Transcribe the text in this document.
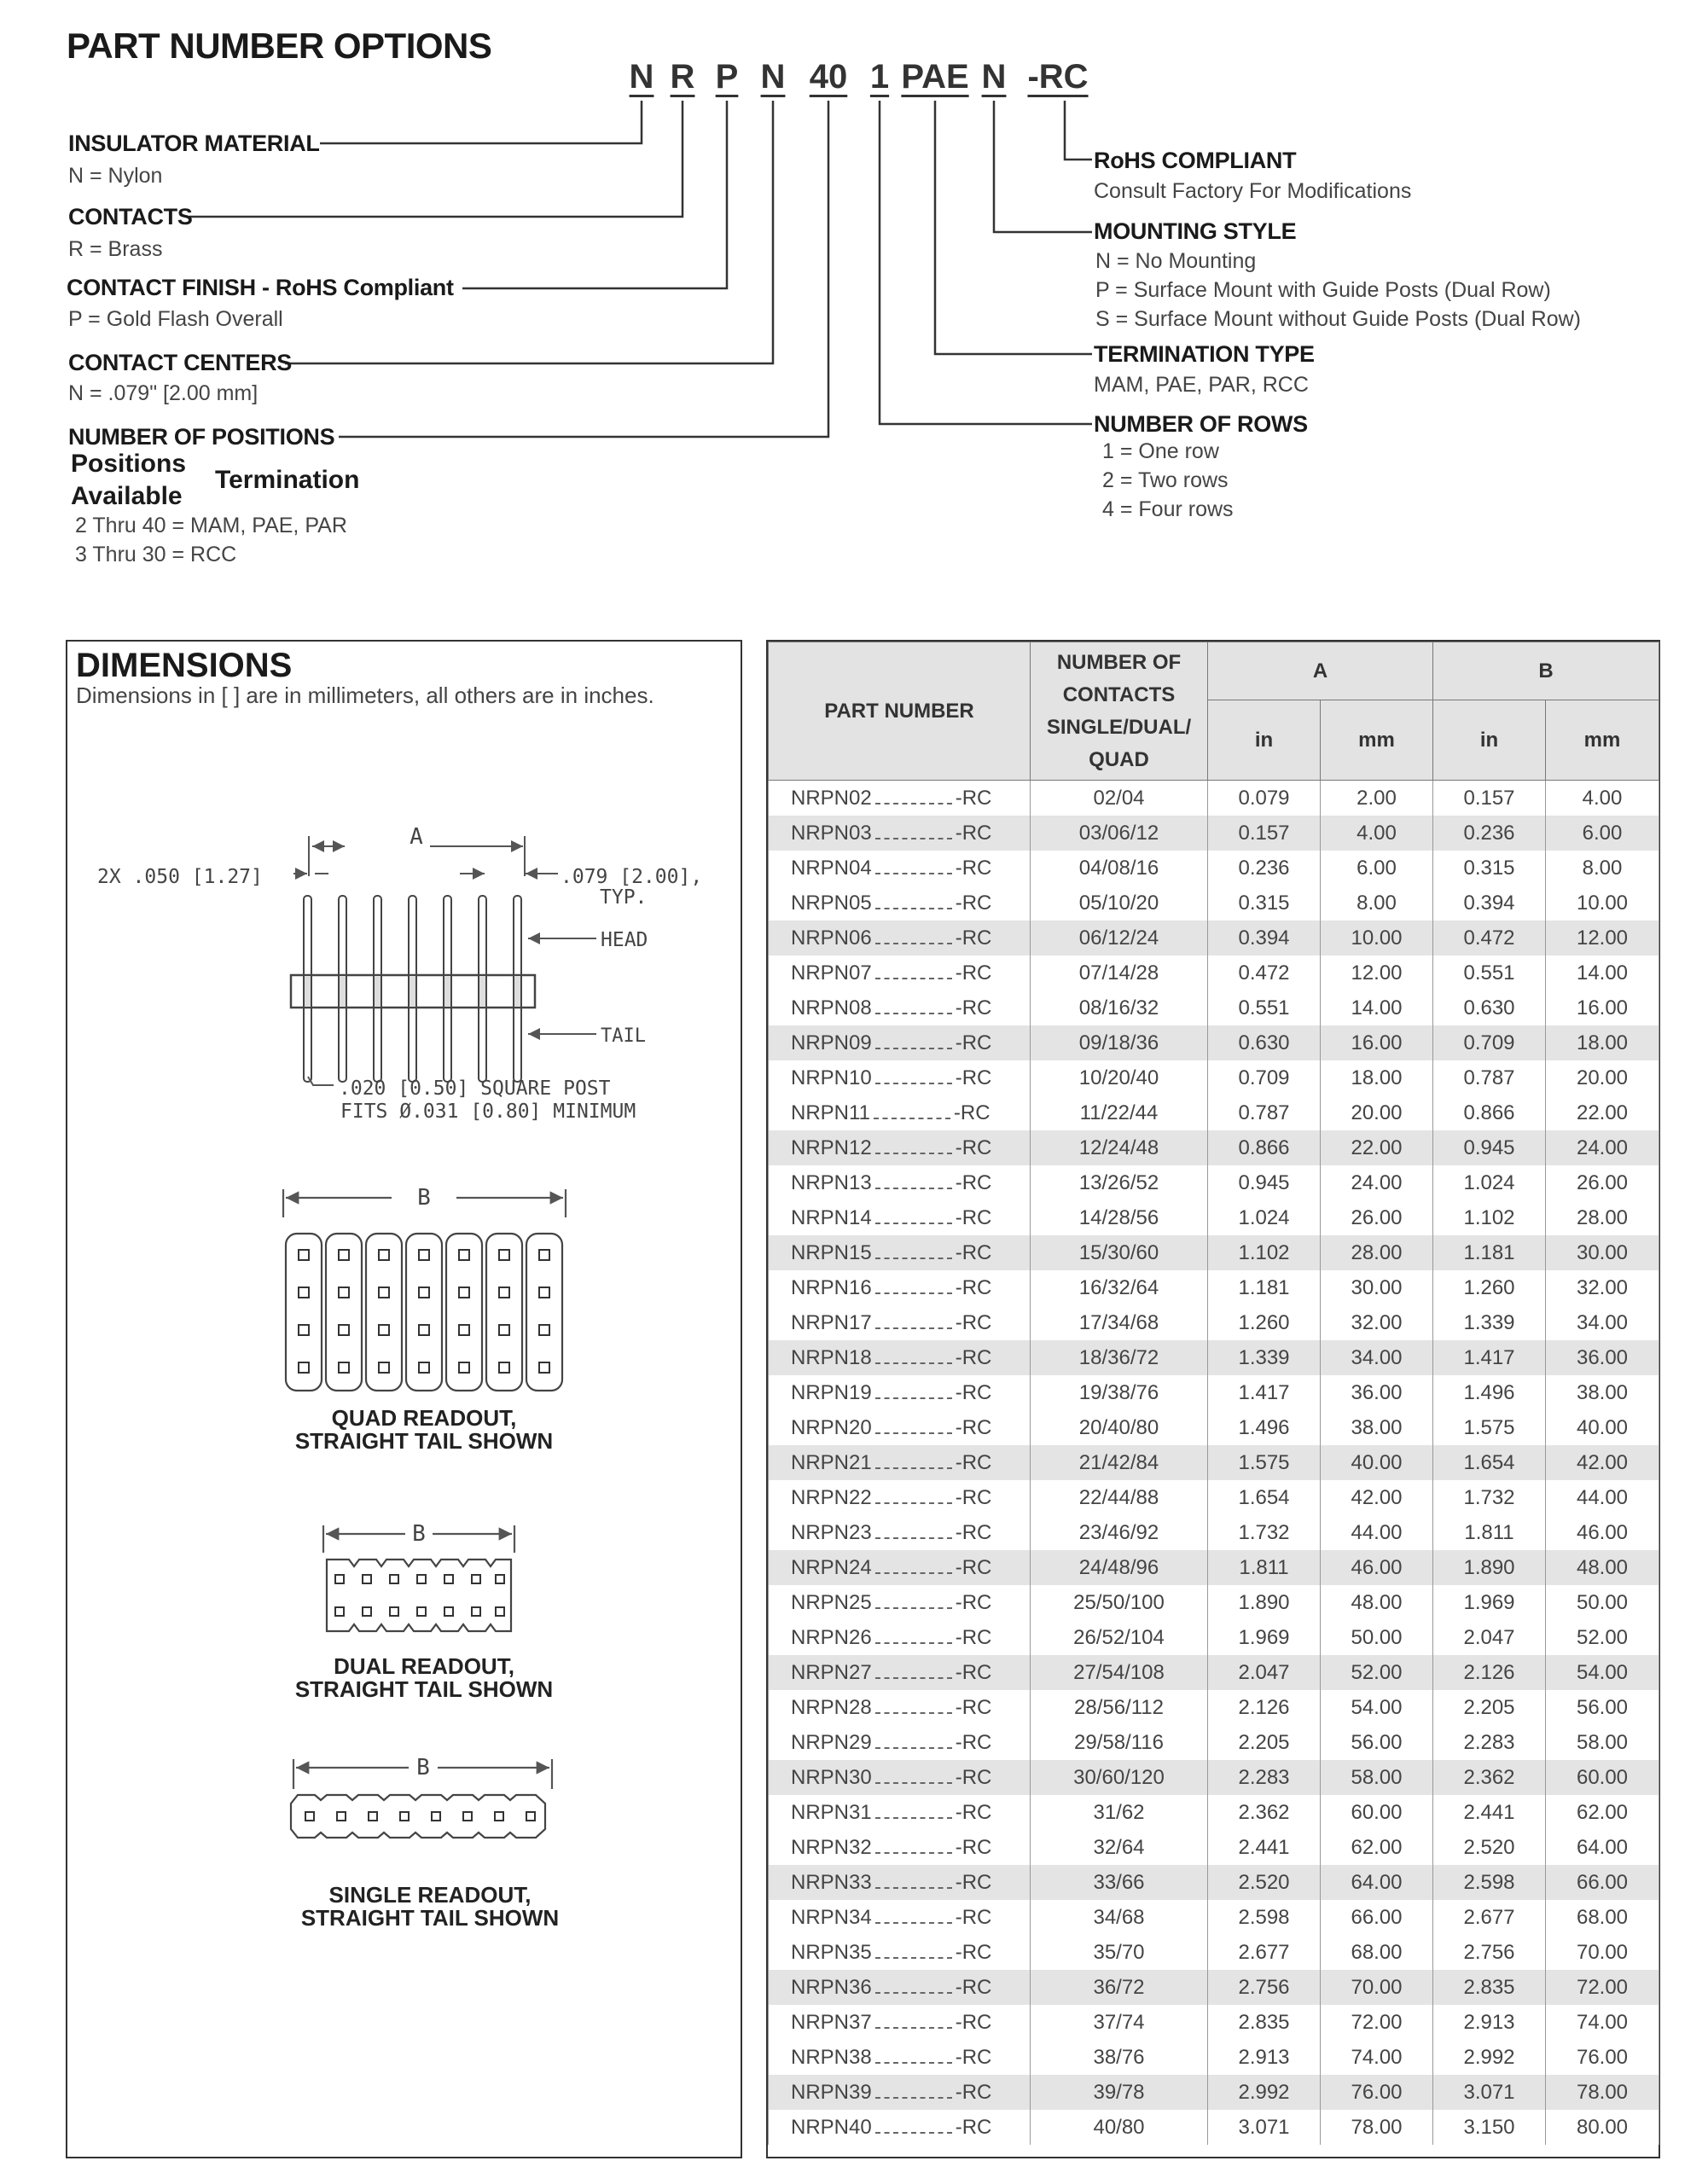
PART NUMBER OPTIONS
N R P N 40 1 PAE N -RC
INSULATOR MATERIAL
N = Nylon
CONTACTS
R = Brass
CONTACT FINISH - RoHS Compliant
P = Gold Flash Overall
CONTACT CENTERS
N = .079" [2.00 mm]
NUMBER OF POSITIONS
Positions
Available
Termination
2 Thru 40 = MAM, PAE, PAR
3 Thru 30 = RCC
RoHS COMPLIANT
Consult Factory For Modifications
MOUNTING STYLE
N = No Mounting
P = Surface Mount with Guide Posts (Dual Row)
S = Surface Mount without Guide Posts (Dual Row)
TERMINATION TYPE
MAM, PAE, PAR, RCC
NUMBER OF ROWS
1 = One row
2 = Two rows
4 = Four rows
A
2X .050 [1.27]	.079 [2.00],
TYP.
HEAD
TAIL
.020 [0.50] SQUARE POST
FITS Ø.031 [0.80] MINIMUM
B
QUAD READOUT,
STRAIGHT TAIL SHOWN
B
DUAL READOUT,
STRAIGHT TAIL SHOWN
B
SINGLE READOUT,
STRAIGHT TAIL SHOWN
DIMENSIONS
Dimensions in [ ] are in millimeters, all others are in inches.
PART NUMBER	NUMBER OF
CONTACTS
SINGLE/DUAL/
QUAD	A		B	
		in	mm	in	mm
NRPN02 -RC	02/04	0.079	2.00	0.157	4.00
NRPN03 -RC	03/06/12	0.157	4.00	0.236	6.00
NRPN04 -RC	04/08/16	0.236	6.00	0.315	8.00
NRPN05 -RC	05/10/20	0.315	8.00	0.394	10.00
NRPN06 -RC	06/12/24	0.394	10.00	0.472	12.00
NRPN07 -RC	07/14/28	0.472	12.00	0.551	14.00
NRPN08 -RC	08/16/32	0.551	14.00	0.630	16.00
NRPN09 -RC	09/18/36	0.630	16.00	0.709	18.00
NRPN10 -RC	10/20/40	0.709	18.00	0.787	20.00
NRPN11 -RC	11/22/44	0.787	20.00	0.866	22.00
NRPN12 -RC	12/24/48	0.866	22.00	0.945	24.00
NRPN13 -RC	13/26/52	0.945	24.00	1.024	26.00
NRPN14 -RC	14/28/56	1.024	26.00	1.102	28.00
NRPN15 -RC	15/30/60	1.102	28.00	1.181	30.00
NRPN16 -RC	16/32/64	1.181	30.00	1.260	32.00
NRPN17 -RC	17/34/68	1.260	32.00	1.339	34.00
NRPN18 -RC	18/36/72	1.339	34.00	1.417	36.00
NRPN19 -RC	19/38/76	1.417	36.00	1.496	38.00
NRPN20 -RC	20/40/80	1.496	38.00	1.575	40.00
NRPN21 -RC	21/42/84	1.575	40.00	1.654	42.00
NRPN22 -RC	22/44/88	1.654	42.00	1.732	44.00
NRPN23 -RC	23/46/92	1.732	44.00	1.811	46.00
NRPN24 -RC	24/48/96	1.811	46.00	1.890	48.00
NRPN25 -RC	25/50/100	1.890	48.00	1.969	50.00
NRPN26 -RC	26/52/104	1.969	50.00	2.047	52.00
NRPN27 -RC	27/54/108	2.047	52.00	2.126	54.00
NRPN28 -RC	28/56/112	2.126	54.00	2.205	56.00
NRPN29 -RC	29/58/116	2.205	56.00	2.283	58.00
NRPN30 -RC	30/60/120	2.283	58.00	2.362	60.00
NRPN31 -RC	31/62	2.362	60.00	2.441	62.00
NRPN32 -RC	32/64	2.441	62.00	2.520	64.00
NRPN33 -RC	33/66	2.520	64.00	2.598	66.00
NRPN34 -RC	34/68	2.598	66.00	2.677	68.00
NRPN35 -RC	35/70	2.677	68.00	2.756	70.00
NRPN36 -RC	36/72	2.756	70.00	2.835	72.00
NRPN37 -RC	37/74	2.835	72.00	2.913	74.00
NRPN38 -RC	38/76	2.913	74.00	2.992	76.00
NRPN39 -RC	39/78	2.992	76.00	3.071	78.00
NRPN40 -RC	40/80	3.071	78.00	3.150	80.00
